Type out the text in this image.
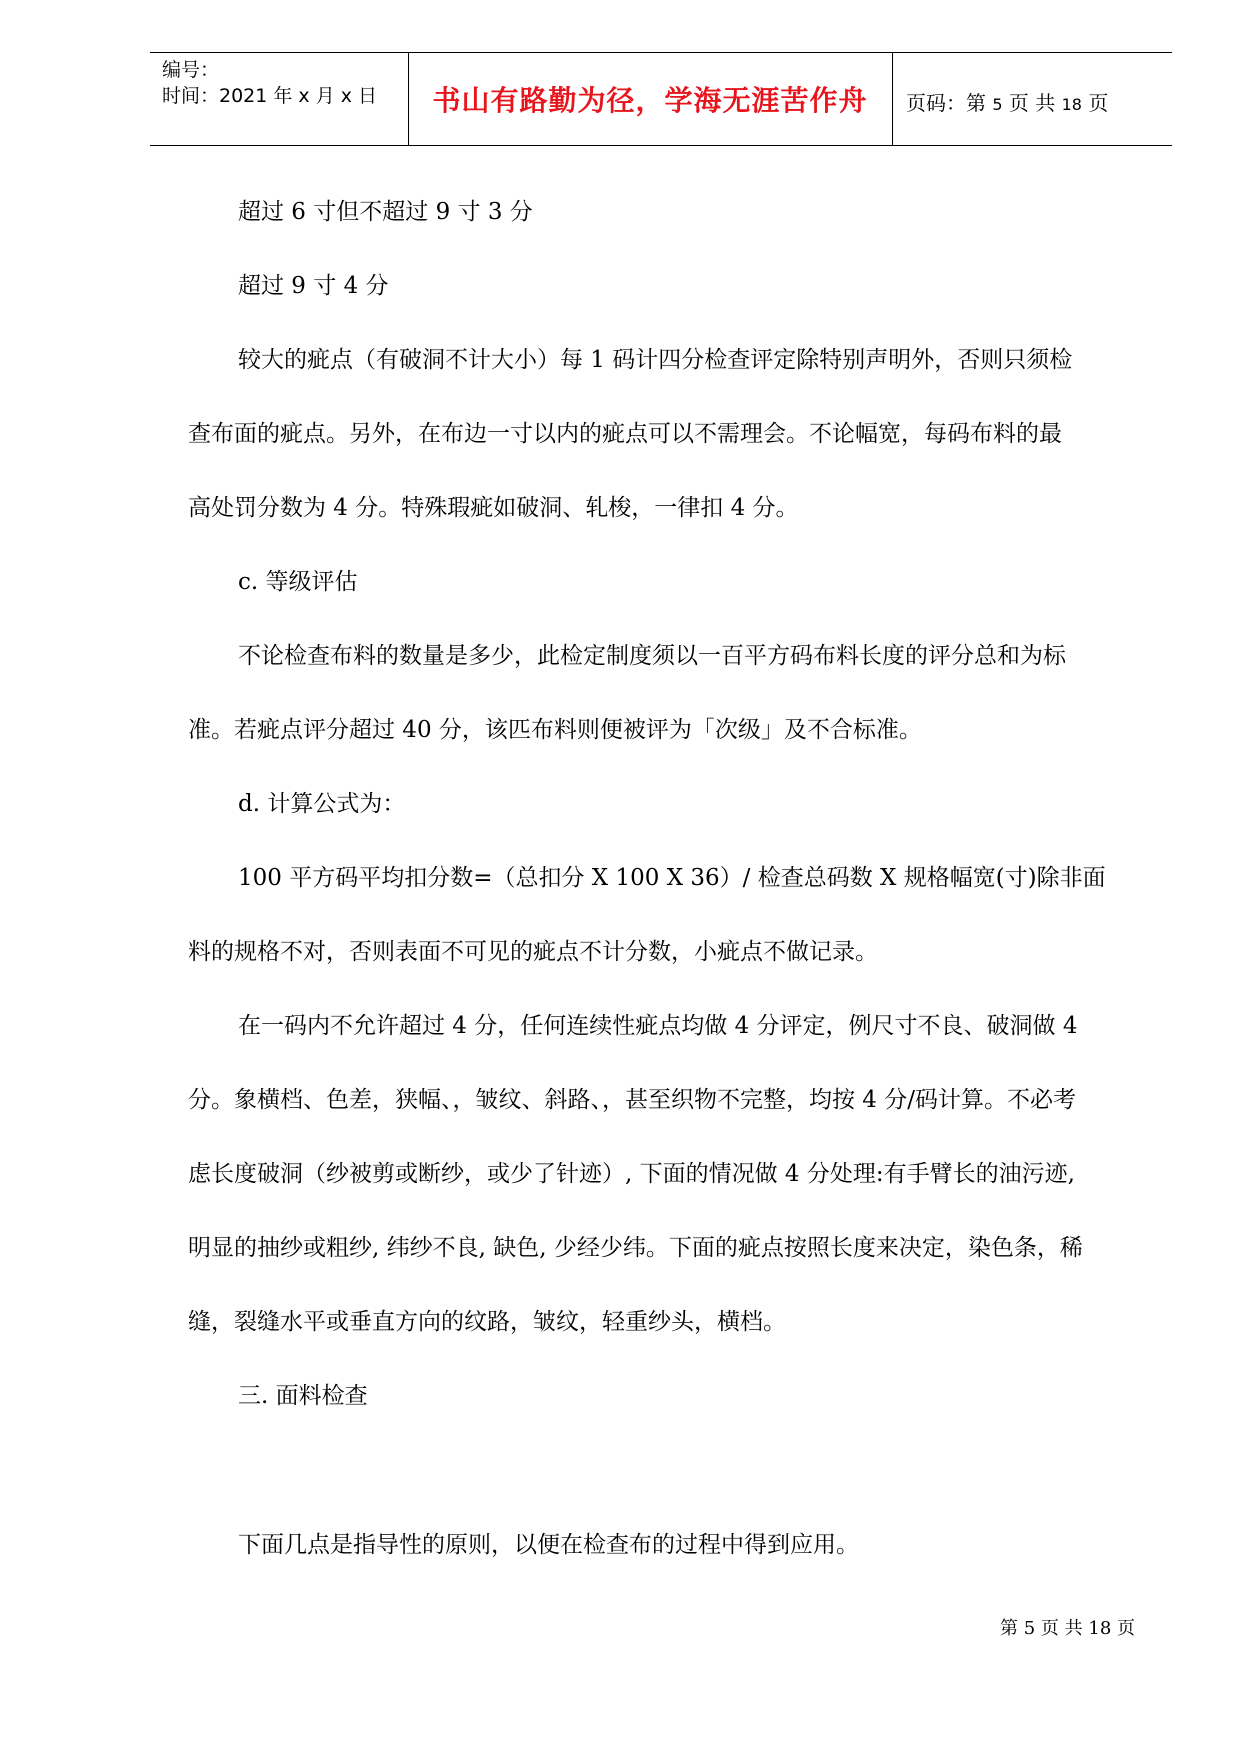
编号：
时间：2021 年 x 月 x 日	书山有路勤为径，学海无涯苦作舟	页码：第 5 页 共 18 页
超过 6 寸但不超过 9 寸 3 分
超过 9 寸 4 分
较大的疵点（有破洞不计大小）每 1 码计四分检查评定除特别声明外，否则只须检
查布面的疵点。另外，在布边一寸以内的疵点可以不需理会。不论幅宽，每码布料的最
高处罚分数为 4 分。特殊瑕疵如破洞、轧梭，一律扣 4 分。
c. 等级评估
不论检查布料的数量是多少，此检定制度须以一百平方码布料长度的评分总和为标
准。若疵点评分超过 40 分，该匹布料则便被评为「次级」及不合标准。
d. 计算公式为：
100 平方码平均扣分数=（总扣分 X 100 X 36）/ 检查总码数 X 规格幅宽(寸)除非面
料的规格不对，否则表面不可见的疵点不计分数，小疵点不做记录。
在一码内不允许超过 4 分，任何连续性疵点均做 4 分评定，例尺寸不良、破洞做 4
分。象横档、色差，狭幅、，皱纹、斜路、，甚至织物不完整，均按 4 分/码计算。不必考
虑长度破洞（纱被剪或断纱，或少了针迹）, 下面的情况做 4 分处理:有手臂长的油污迹,
明显的抽纱或粗纱, 纬纱不良, 缺色, 少经少纬。下面的疵点按照长度来决定，染色条，稀
缝，裂缝水平或垂直方向的纹路，皱纹，轻重纱头，横档。
三. 面料检查
下面几点是指导性的原则，以便在检查布的过程中得到应用。
第 5 页 共 18 页
